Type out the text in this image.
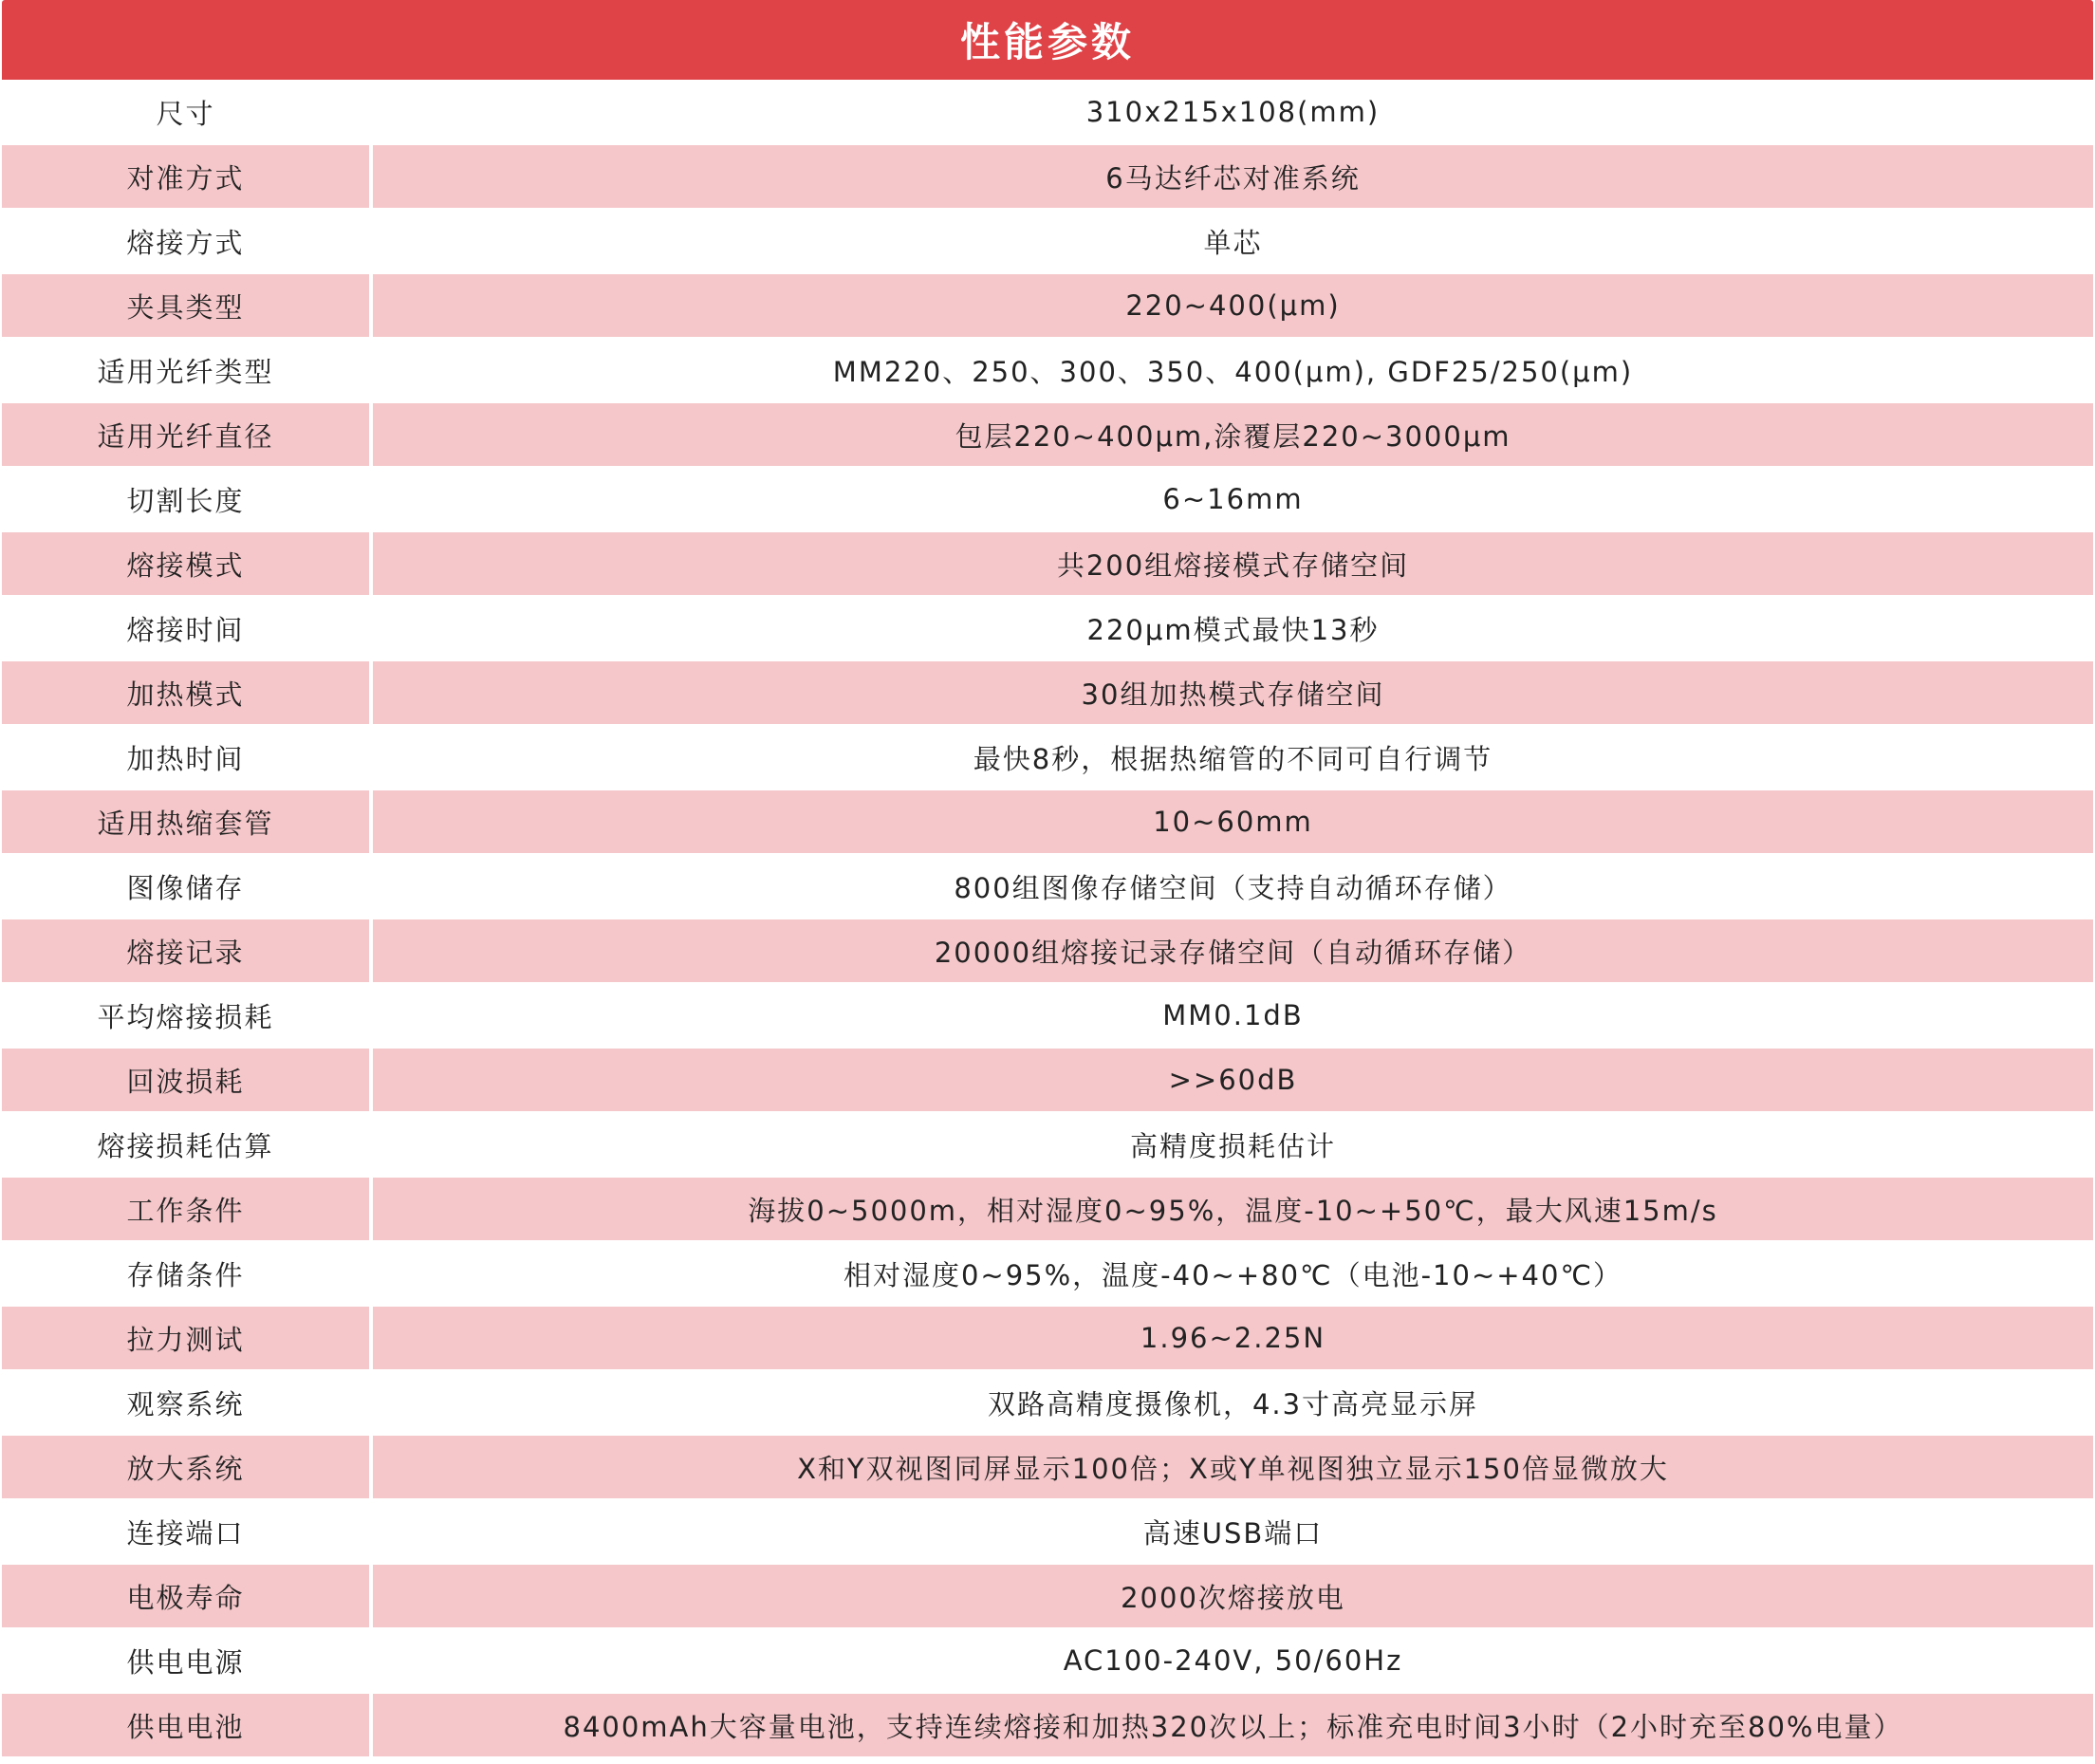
性能参数
尺寸	310x215x108(mm)
对准方式	6马达纤芯对准系统
熔接方式	单芯
夹具类型	220~400(μm)
适用光纤类型	MM220、250、300、350、400(μm), GDF25/250(μm)
适用光纤直径	包层220~400μm,涂覆层220~3000μm
切割长度	6~16mm
熔接模式	共200组熔接模式存储空间
熔接时间	220μm模式最快13秒
加热模式	30组加热模式存储空间
加热时间	最快8秒，根据热缩管的不同可自行调节
适用热缩套管	10~60mm
图像储存	800组图像存储空间（支持自动循环存储）
熔接记录	20000组熔接记录存储空间（自动循环存储）
平均熔接损耗	MM0.1dB
回波损耗	>>60dB
熔接损耗估算	高精度损耗估计
工作条件	海拔0~5000m，相对湿度0~95%，温度-10~+50℃，最大风速15m/s
存储条件	相对湿度0~95%，温度-40~+80℃（电池-10~+40℃）
拉力测试	1.96~2.25N
观察系统	双路高精度摄像机，4.3寸高亮显示屏
放大系统	X和Y双视图同屏显示100倍；X或Y单视图独立显示150倍显微放大
连接端口	高速USB端口
电极寿命	2000次熔接放电
供电电源	AC100-240V, 50/60Hz
供电电池	8400mAh大容量电池，支持连续熔接和加热320次以上；标准充电时间3小时（2小时充至80%电量）
